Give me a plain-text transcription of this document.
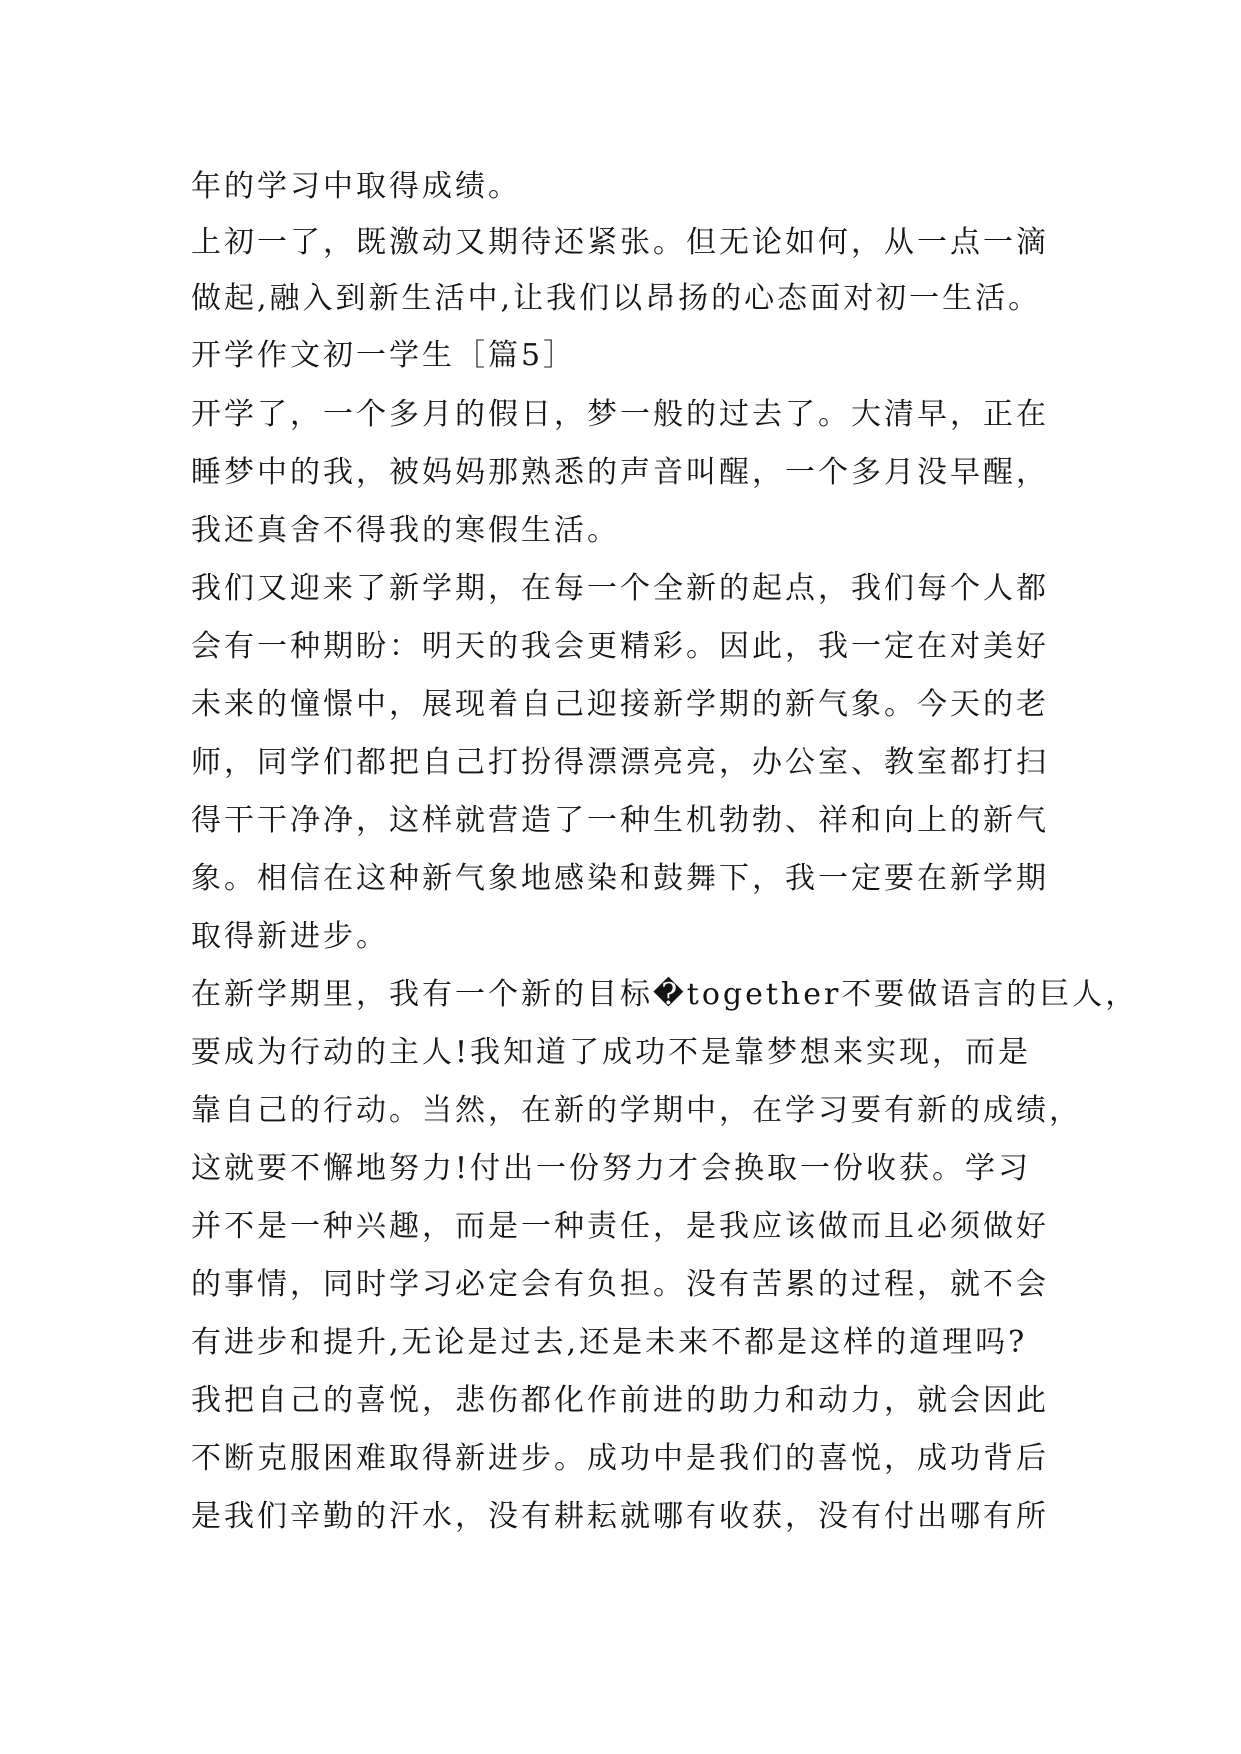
年的学习中取得成绩。

上初一了，既激动又期待还紧张。但无论如何，从一点一滴

做起,融入到新生活中,让我们以昂扬的心态面对初一生活。

开学作文初一学生［篇5］

开学了，一个多月的假日，梦一般的过去了。大清早，正在

睡梦中的我，被妈妈那熟悉的声音叫醒，一个多月没早醒，

我还真舍不得我的寒假生活。

我们又迎来了新学期，在每一个全新的起点，我们每个人都

会有一种期盼：明天的我会更精彩。因此，我一定在对美好

未来的憧憬中，展现着自己迎接新学期的新气象。今天的老

师，同学们都把自己打扮得漂漂亮亮，办公室、教室都打扫

得干干净净，这样就营造了一种生机勃勃、祥和向上的新气

象。相信在这种新气象地感染和鼓舞下，我一定要在新学期

取得新进步。

在新学期里，我有一个新的目标�together不要做语言的巨人，

要成为行动的主人!我知道了成功不是靠梦想来实现，而是

靠自己的行动。当然，在新的学期中，在学习要有新的成绩，

这就要不懈地努力!付出一份努力才会换取一份收获。学习

并不是一种兴趣，而是一种责任，是我应该做而且必须做好

的事情，同时学习必定会有负担。没有苦累的过程，就不会

有进步和提升,无论是过去,还是未来不都是这样的道理吗?

我把自己的喜悦，悲伤都化作前进的助力和动力，就会因此

不断克服困难取得新进步。成功中是我们的喜悦，成功背后

是我们辛勤的汗水，没有耕耘就哪有收获，没有付出哪有所
